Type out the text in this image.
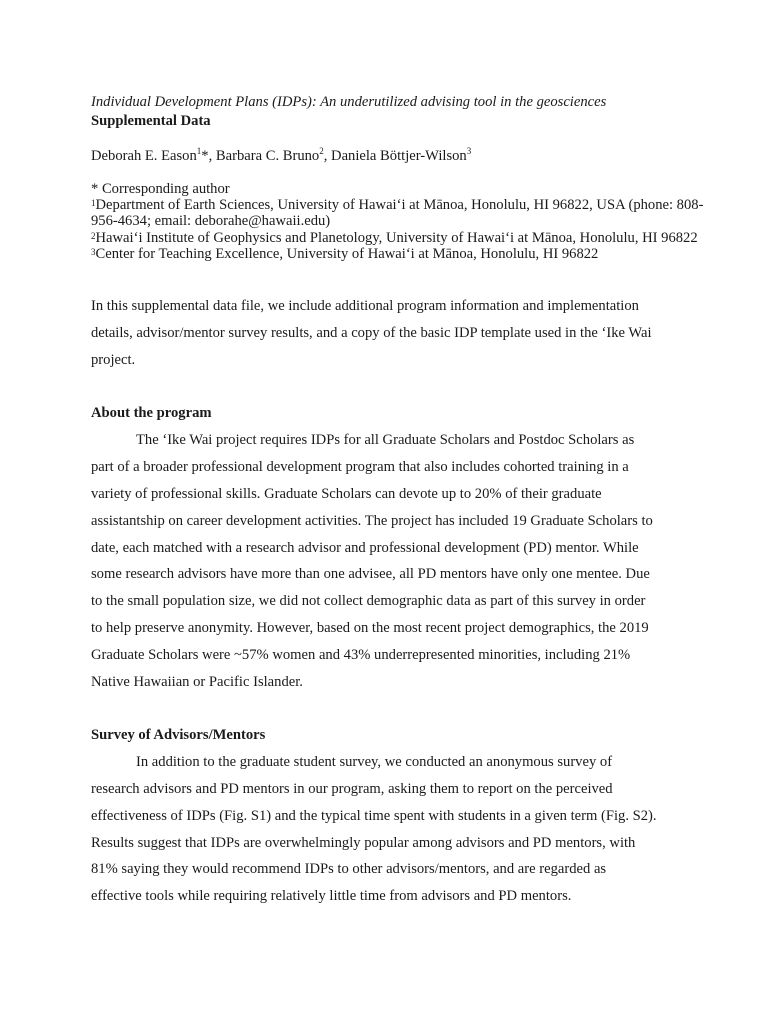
Individual Development Plans (IDPs): An underutilized advising tool in the geosciences
Supplemental Data
Deborah E. Eason$^1$*, Barbara C. Bruno$^2$, Daniela Böttjer-Wilson$^3$
* Corresponding author
$^1$Department of Earth Sciences, University of Hawaiʻi at Mānoa, Honolulu, HI 96822, USA (phone: 808-
956-4634; email: deborahe@hawaii.edu)
$^2$Hawaiʻi Institute of Geophysics and Planetology, University of Hawaiʻi at Mānoa, Honolulu, HI 96822
$^3$Center for Teaching Excellence, University of Hawaiʻi at Mānoa, Honolulu, HI 96822
In this supplemental data file, we include additional program information and implementation
details, advisor/mentor survey results, and a copy of the basic IDP template used in the ʻIke Wai
project.
About the program
The ʻIke Wai project requires IDPs for all Graduate Scholars and Postdoc Scholars as
part of a broader professional development program that also includes cohorted training in a
variety of professional skills. Graduate Scholars can devote up to 20% of their graduate
assistantship on career development activities. The project has included 19 Graduate Scholars to
date, each matched with a research advisor and professional development (PD) mentor. While
some research advisors have more than one advisee, all PD mentors have only one mentee. Due
to the small population size, we did not collect demographic data as part of this survey in order
to help preserve anonymity. However, based on the most recent project demographics, the 2019
Graduate Scholars were ~57% women and 43% underrepresented minorities, including 21%
Native Hawaiian or Pacific Islander.
Survey of Advisors/Mentors
In addition to the graduate student survey, we conducted an anonymous survey of
research advisors and PD mentors in our program, asking them to report on the perceived
effectiveness of IDPs (Fig. S1) and the typical time spent with students in a given term (Fig. S2).
Results suggest that IDPs are overwhelmingly popular among advisors and PD mentors, with
81% saying they would recommend IDPs to other advisors/mentors, and are regarded as
effective tools while requiring relatively little time from advisors and PD mentors.
